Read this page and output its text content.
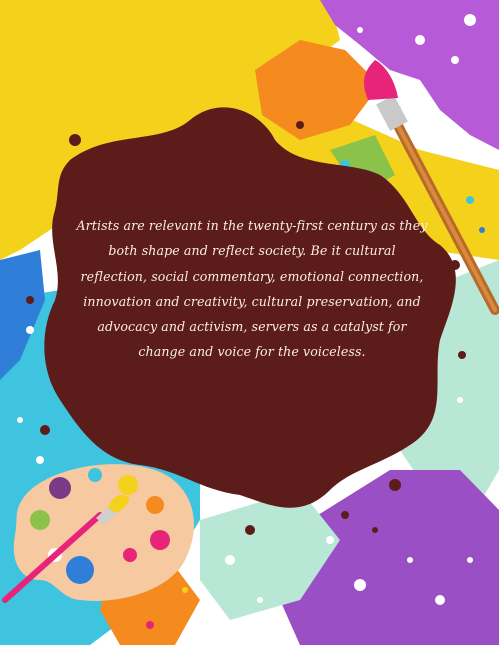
Artists are relevant in the twenty-first century as they both shape and reflect society. Be it cultural reflection, social commentary, emotional connection, innovation and creativity, cultural preservation, and advocacy and activism, servers as a catalyst for change and voice for the voiceless.
